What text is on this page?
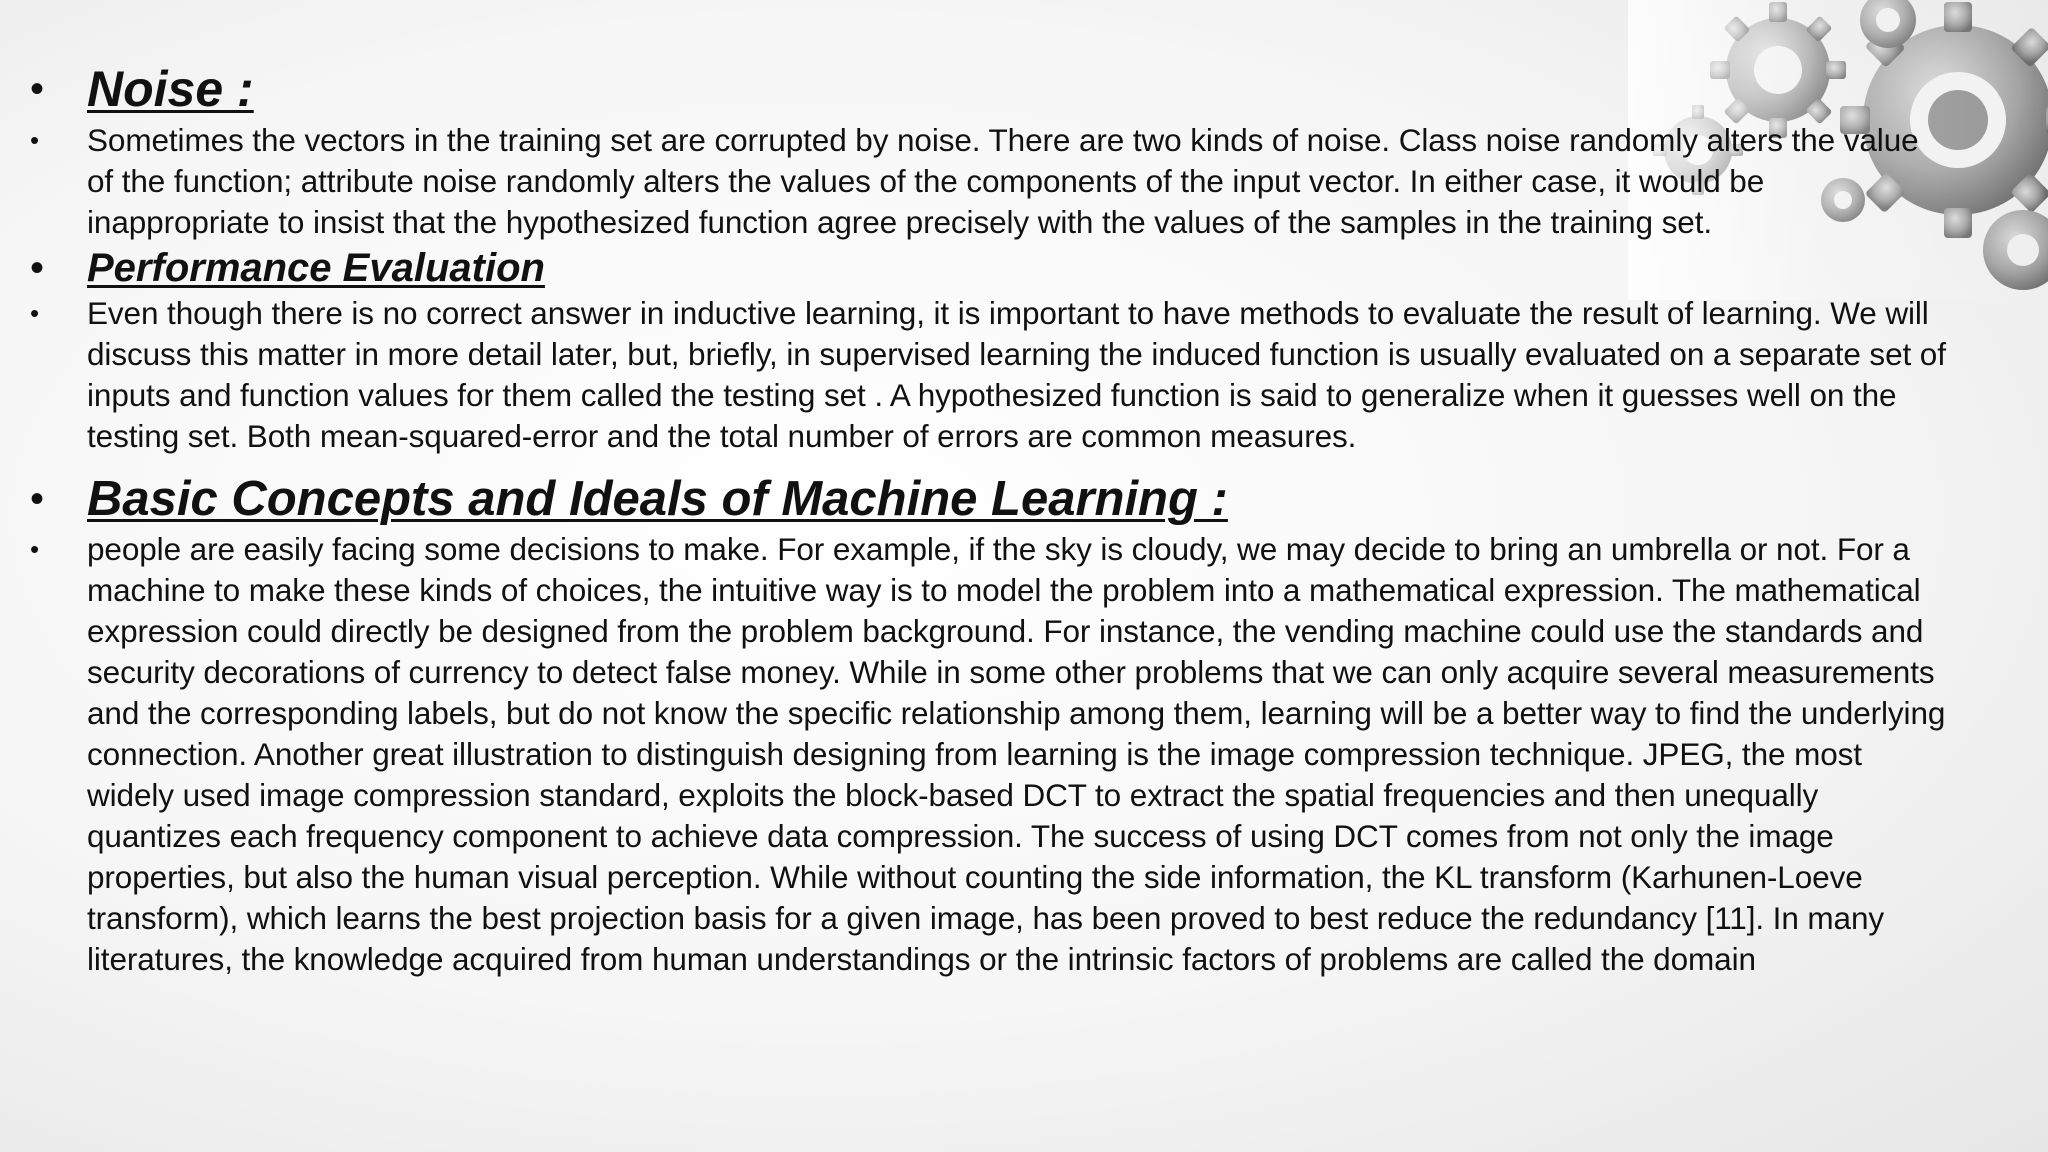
• Noise :
•	Sometimes the vectors in the training set are corrupted by noise. There are two kinds of noise. Class noise randomly alters the value of the function; attribute noise randomly alters the values of the components of the input vector. In either case, it would be inappropriate to insist that the hypothesized function agree precisely with the values of the samples in the training set.
•	Performance Evaluation
•	Even though there is no correct answer in inductive learning, it is important to have methods to evaluate the result of learning. We will discuss this matter in more detail later, but, briefly, in supervised learning the induced function is usually evaluated on a separate set of inputs and function values for them called the testing set . A hypothesized function is said to generalize when it guesses well on the testing set. Both mean-squared-error and the total number of errors are common measures.
• Basic Concepts and Ideals of Machine Learning :
•	people are easily facing some decisions to make. For example, if the sky is cloudy, we may decide to bring an umbrella or not. For a machine to make these kinds of choices, the intuitive way is to model the problem into a mathematical expression. The mathematical expression could directly be designed from the problem background. For instance, the vending machine could use the standards and security decorations of currency to detect false money. While in some other problems that we can only acquire several measurements and the corresponding labels, but do not know the specific relationship among them, learning will be a better way to find the underlying connection. Another great illustration to distinguish designing from learning is the image compression technique. JPEG, the most widely used image compression standard, exploits the block-based DCT to extract the spatial frequencies and then unequally quantizes each frequency component to achieve data compression. The success of using DCT comes from not only the image properties, but also the human visual perception. While without counting the side information, the KL transform (Karhunen-Loeve transform), which learns the best projection basis for a given image, has been proved to best reduce the redundancy [11]. In many literatures, the knowledge acquired from human understandings or the intrinsic factors of problems are called the domain
